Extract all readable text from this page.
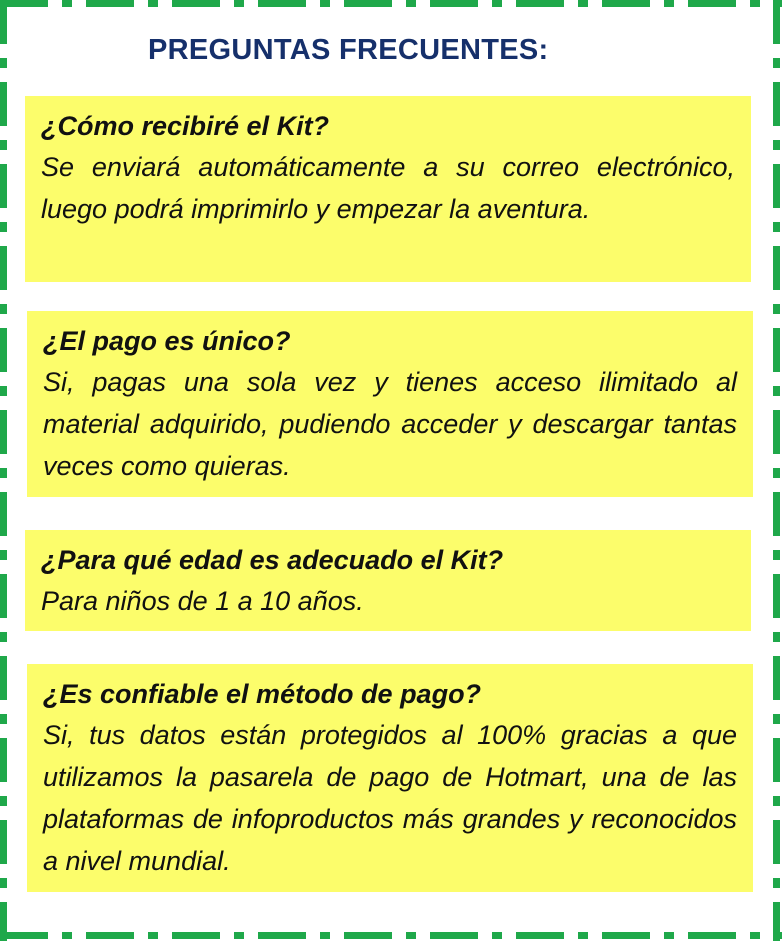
PREGUNTAS FRECUENTES:

¿Cómo recibiré el Kit?

Se enviará automáticamente a su correo electrónico, luego podrá imprimirlo y empezar la aventura.

¿El pago es único?

Si, pagas una sola vez y tienes acceso ilimitado al material adquirido, pudiendo acceder y descargar tantas veces como quieras.

¿Para qué edad es adecuado el Kit?

Para niños de 1 a 10 años.

¿Es confiable el método de pago?

Si, tus datos están protegidos al 100% gracias a que utilizamos la pasarela de pago de Hotmart, una de las plataformas de infoproductos más grandes y reconocidos a nivel mundial.
